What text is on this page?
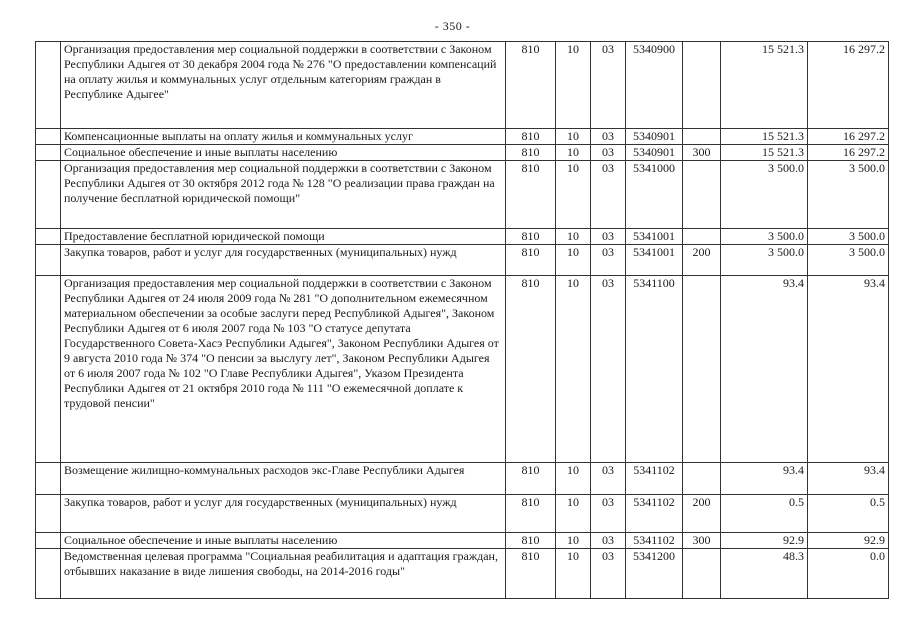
- 350 -
	Организация предоставления мер социальной поддержки в соответствии с Законом Республики Адыгея от 30 декабря 2004 года № 276 "О предоставлении компенсаций на оплату жилья и коммунальных услуг отдельным категориям граждан в Республике Адыгее"	810	10	03	5340900		15 521.3	16 297.2
	Компенсационные выплаты на оплату жилья и коммунальных услуг	810	10	03	5340901		15 521.3	16 297.2
	Социальное обеспечение и иные выплаты населению	810	10	03	5340901	300	15 521.3	16 297.2
	Организация предоставления мер социальной поддержки в соответствии с Законом Республики Адыгея от 30 октября 2012 года № 128 "О реализации права граждан на получение бесплатной юридической помощи"	810	10	03	5341000		3 500.0	3 500.0
	Предоставление бесплатной юридической помощи	810	10	03	5341001		3 500.0	3 500.0
	Закупка товаров, работ и услуг для государственных (муниципальных) нужд	810	10	03	5341001	200	3 500.0	3 500.0
	Организация предоставления мер социальной поддержки в соответствии с Законом Республики Адыгея от 24 июля 2009 года № 281 "О дополнительном ежемесячном материальном обеспечении за особые заслуги перед Республикой Адыгея", Законом Республики Адыгея от 6 июля 2007 года № 103 "О статусе депутата Государственного Совета-Хасэ Республики Адыгея", Законом Республики Адыгея от 9 августа 2010 года № 374 "О пенсии за выслугу лет", Законом Республики Адыгея от 6 июля 2007 года № 102 "О Главе Республики Адыгея", Указом Президента Республики Адыгея от 21 октября 2010 года № 111 "О ежемесячной доплате к трудовой пенсии"	810	10	03	5341100		93.4	93.4
	Возмещение жилищно-коммунальных расходов экс-Главе Республики Адыгея	810	10	03	5341102		93.4	93.4
	Закупка товаров, работ и услуг для государственных (муниципальных) нужд	810	10	03	5341102	200	0.5	0.5
	Социальное обеспечение и иные выплаты населению	810	10	03	5341102	300	92.9	92.9
	Ведомственная целевая программа "Социальная реабилитация и адаптация граждан, отбывших наказание в виде лишения свободы, на 2014-2016 годы"	810	10	03	5341200		48.3	0.0
